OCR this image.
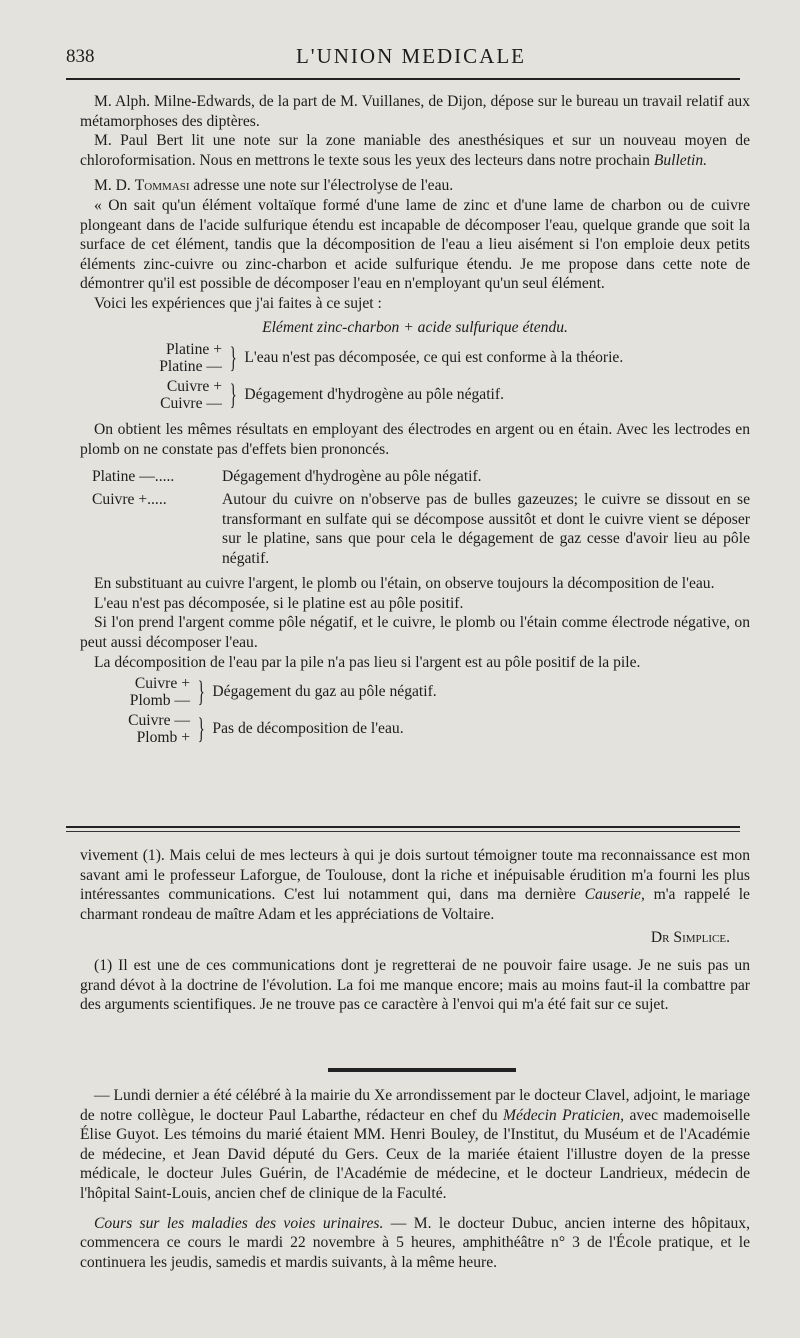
838	L'UNION MEDICALE

M. Alph. Milne-Edwards, de la part de M. Vuillanes, de Dijon, dépose sur le bureau un travail relatif aux métamorphoses des diptères.

M. Paul Bert lit une note sur la zone maniable des anesthésiques et sur un nouveau moyen de chloroformisation. Nous en mettrons le texte sous les yeux des lecteurs dans notre prochain Bulletin.

M. D. Tommasi adresse une note sur l'électrolyse de l'eau.

« On sait qu'un élément voltaïque formé d'une lame de zinc et d'une lame de charbon ou de cuivre plongeant dans de l'acide sulfurique étendu est incapable de décomposer l'eau, quelque grande que soit la surface de cet élément, tandis que la décomposition de l'eau a lieu aisément si l'on emploie deux petits éléments zinc-cuivre ou zinc-charbon et acide sulfurique étendu. Je me propose dans cette note de démontrer qu'il est possible de décomposer l'eau en n'employant qu'un seul élément.

Voici les expériences que j'ai faites à ce sujet :

Elément zinc-charbon + acide sulfurique étendu.

Platine +
Platine — } L'eau n'est pas décomposée, ce qui est conforme à la théorie.
Cuivre +
Cuivre — } Dégagement d'hydrogène au pôle négatif.

On obtient les mêmes résultats en employant des électrodes en argent ou en étain. Avec les lectrodes en plomb on ne constate pas d'effets bien prononcés.

Platine —.....	Dégagement d'hydrogène au pôle négatif.
Cuivre +.....	Autour du cuivre on n'observe pas de bulles gazeuzes; le cuivre se dissout en se transformant en sulfate qui se décompose aussitôt et dont le cuivre vient se déposer sur le platine, sans que pour cela le dégagement de gaz cesse d'avoir lieu au pôle négatif.

En substituant au cuivre l'argent, le plomb ou l'étain, on observe toujours la décomposition de l'eau.

L'eau n'est pas décomposée, si le platine est au pôle positif.

Si l'on prend l'argent comme pôle négatif, et le cuivre, le plomb ou l'étain comme électrode négative, on peut aussi décomposer l'eau.

La décomposition de l'eau par la pile n'a pas lieu si l'argent est au pôle positif de la pile.

Cuivre +
Plomb — } Dégagement du gaz au pôle négatif.
Cuivre —
Plomb + } Pas de décomposition de l'eau.

vivement (1). Mais celui de mes lecteurs à qui je dois surtout témoigner toute ma reconnaissance est mon savant ami le professeur Laforgue, de Toulouse, dont la riche et inépuisable érudition m'a fourni les plus intéressantes communications. C'est lui notamment qui, dans ma dernière Causerie, m'a rappelé le charmant rondeau de maître Adam et les appréciations de Voltaire.

Dr Simplice.

(1) Il est une de ces communications dont je regretterai de ne pouvoir faire usage. Je ne suis pas un grand dévot à la doctrine de l'évolution. La foi me manque encore; mais au moins faut-il la combattre par des arguments scientifiques. Je ne trouve pas ce caractère à l'envoi qui m'a été fait sur ce sujet.

— Lundi dernier a été célébré à la mairie du Xe arrondissement par le docteur Clavel, adjoint, le mariage de notre collègue, le docteur Paul Labarthe, rédacteur en chef du Médecin Praticien, avec mademoiselle Élise Guyot. Les témoins du marié étaient MM. Henri Bouley, de l'Institut, du Muséum et de l'Académie de médecine, et Jean David député du Gers. Ceux de la mariée étaient l'illustre doyen de la presse médicale, le docteur Jules Guérin, de l'Académie de médecine, et le docteur Landrieux, médecin de l'hôpital Saint-Louis, ancien chef de clinique de la Faculté.

Cours sur les maladies des voies urinaires. — M. le docteur Dubuc, ancien interne des hôpitaux, commencera ce cours le mardi 22 novembre à 5 heures, amphithéâtre n° 3 de l'École pratique, et le continuera les jeudis, samedis et mardis suivants, à la même heure.
